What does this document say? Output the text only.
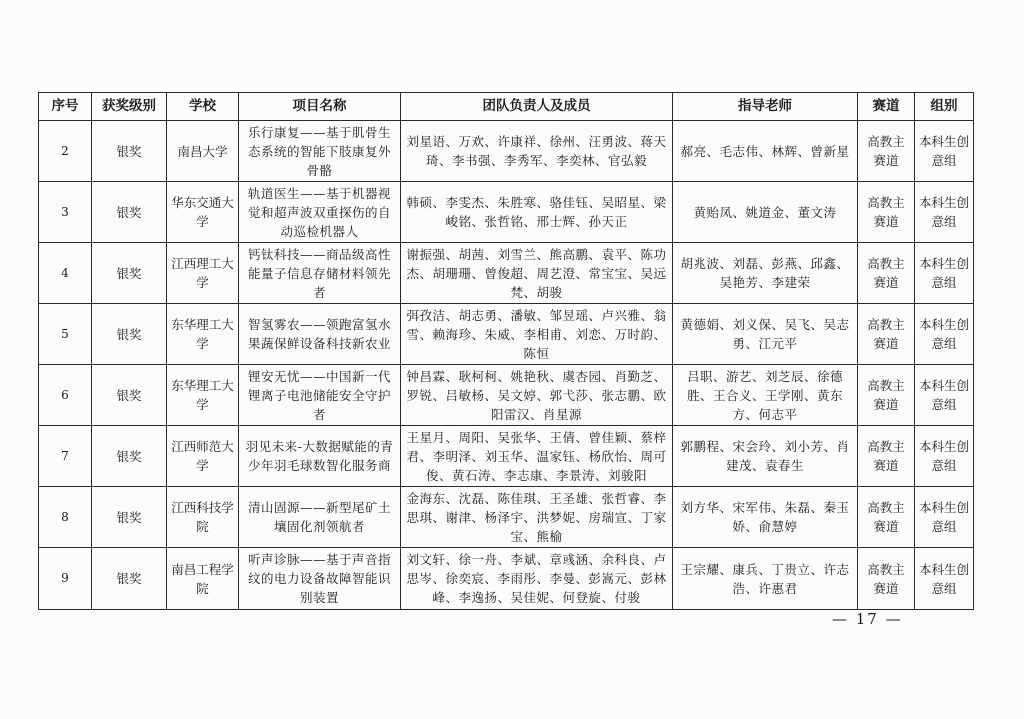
序号	获奖级别	学校	项目名称	团队负责人及成员	指导老师	赛道	组别
2	银奖	南昌大学	乐行康复——基于肌骨生态系统的智能下肢康复外骨骼	刘星语、万欢、许康祥、徐州、汪勇波、蒋天琦、李书强、李秀军、李奕林、官弘毅	郝亮、毛志伟、林辉、曾新星	高教主赛道	本科生创意组
3	银奖	华东交通大学	轨道医生——基于机器视觉和超声波双重探伤的自动巡检机器人	韩硕、李雯杰、朱胜寒、骆佳钰、吴昭星、梁峻铭、张哲铭、邢士辉、孙天正	黄贻凤、姚道金、董文涛	高教主赛道	本科生创意组
4	银奖	江西理工大学	钙钛科技——商品级高性能量子信息存储材料领先者	谢振强、胡茜、刘雪兰、熊高鹏、袁平、陈功杰、胡珊珊、曾俊超、周艺澄、常宝宝、吴远梵、胡骏	胡兆波、刘磊、彭燕、邱鑫、吴艳芳、李建荣	高教主赛道	本科生创意组
5	银奖	东华理工大学	智氢雾农——领跑富氢水果蔬保鲜设备科技新农业	弭孜洁、胡志勇、潘敏、邹昱瑶、卢兴雅、翁雪、赖海珍、朱威、李相甫、刘恋、万时韵、陈恒	黄德娟、刘义保、吴飞、吴志勇、江元平	高教主赛道	本科生创意组
6	银奖	东华理工大学	锂安无忧——中国新一代锂离子电池储能安全守护者	钟昌霖、耿柯柯、姚艳秋、虞杏园、肖勤芝、罗锐、吕敏杨、吴文婷、郭弋莎、张志鹏、欧阳雷汉、肖星源	吕职、游艺、刘芝辰、徐德胜、王合义、王学刚、黄东方、何志平	高教主赛道	本科生创意组
7	银奖	江西师范大学	羽见未来-大数据赋能的青少年羽毛球数智化服务商	王星月、周阳、吴张华、王倩、曾佳颖、蔡梓君、李明泽、刘玉华、温家钰、杨欣怡、周可俊、黄石涛、李志康、李景涛、刘骏阳	郭鹏程、宋会玲、刘小芳、肖建茂、袁春生	高教主赛道	本科生创意组
8	银奖	江西科技学院	清山固源——新型尾矿土壤固化剂领航者	金海东、沈磊、陈佳琪、王圣雄、张哲睿、李思琪、谢津、杨泽宇、洪梦妮、房瑞宣、丁家宝、熊榆	刘方华、宋军伟、朱磊、秦玉娇、俞慧婷	高教主赛道	本科生创意组
9	银奖	南昌工程学院	听声诊脉——基于声音指纹的电力设备故障智能识别装置	刘文轩、徐一舟、李斌、章彧涵、余科良、卢思岑、徐奕宸、李雨彤、李曼、彭嵩元、彭林峰、李逸扬、吴佳妮、何登旋、付骏	王宗耀、康兵、丁贵立、许志浩、许惠君	高教主赛道	本科生创意组
— 17 —
